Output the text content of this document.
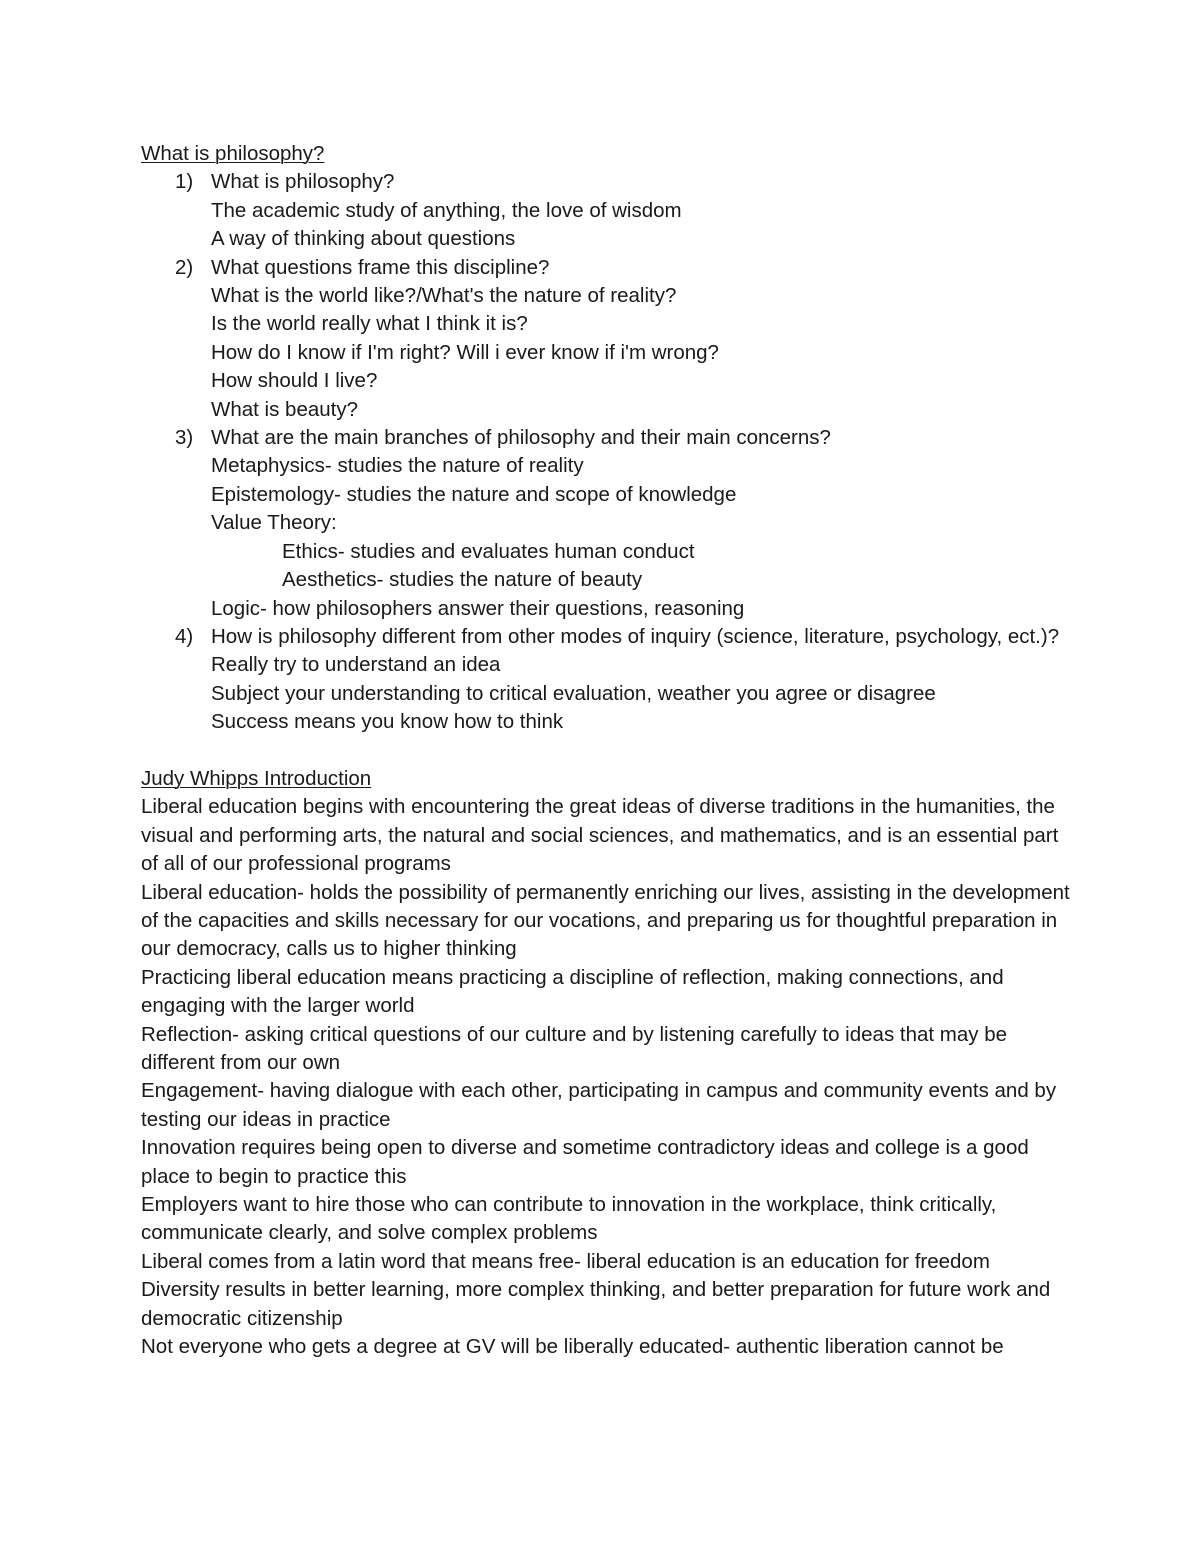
What is philosophy?
1) What is philosophy?
The academic study of anything, the love of wisdom
A way of thinking about questions
2) What questions frame this discipline?
What is the world like?/What's the nature of reality?
Is the world really what I think it is?
How do I know if I'm right? Will i ever know if i'm wrong?
How should I live?
What is beauty?
3) What are the main branches of philosophy and their main concerns?
Metaphysics- studies the nature of reality
Epistemology- studies the nature and scope of knowledge
Value Theory:
Ethics- studies and evaluates human conduct
Aesthetics- studies the nature of beauty
Logic- how philosophers answer their questions, reasoning
4) How is philosophy different from other modes of inquiry (science, literature, psychology, ect.)?
Really try to understand an idea
Subject your understanding to critical evaluation, weather you agree or disagree
Success means you know how to think
Judy Whipps Introduction
Liberal education begins with encountering the great ideas of diverse traditions in the humanities, the visual and performing arts, the natural and social sciences, and mathematics, and is an essential part of all of our professional programs
Liberal education- holds the possibility of permanently enriching our lives, assisting in the development of the capacities and skills necessary for our vocations, and preparing us for thoughtful preparation in our democracy, calls us to higher thinking
Practicing liberal education means practicing a discipline of reflection, making connections, and engaging with the larger world
Reflection- asking critical questions of our culture and by listening carefully to ideas that may be different from our own
Engagement- having dialogue with each other, participating in campus and community events and by testing our ideas in practice
Innovation requires being open to diverse and sometime contradictory ideas and college is a good place to begin to practice this
Employers want to hire those who can contribute to innovation in the workplace, think critically, communicate clearly, and solve complex problems
Liberal comes from a latin word that means free- liberal education is an education for freedom
Diversity results in better learning, more complex thinking, and better preparation for future work and democratic citizenship
Not everyone who gets a degree at GV will be liberally educated- authentic liberation cannot be
